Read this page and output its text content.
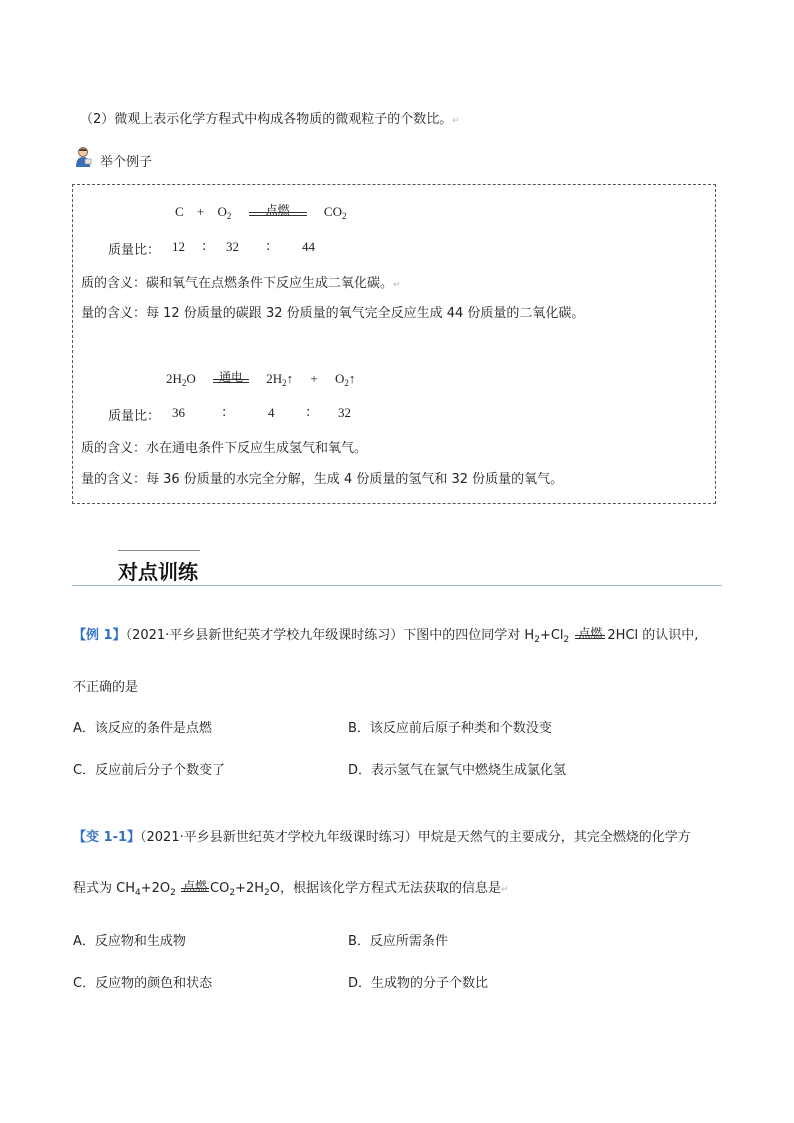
（2）微观上表示化学方程式中构成各物质的微观粒子的个数比。↵
举个例子
$C + O_2$	点燃	$CO_2$
质量比： 12 : 32 : 44
质的含义：碳和氧气在点燃条件下反应生成二氧化碳。↵
量的含义：每 12 份质量的碳跟 32 份质量的氧气完全反应生成 44 份质量的二氧化碳。
$2H_2O$	通电	$2H_2↑$ + $O_2↑$
质量比： 36	:	4 : 32
质的含义：水在通电条件下反应生成氢气和氧气。
量的含义：每 36 份质量的水完全分解，生成 4 份质量的氢气和 32 份质量的氧气。
对点训练
【例 1】（2021·平乡县新世纪英才学校九年级课时练习）下图中的四位同学对 $H_2+Cl_2$ 点燃 2HCl 的认识中,
不正确的是
A．该反应的条件是点燃	B．该反应前后原子种类和个数没变
C．反应前后分子个数变了	D．表示氢气在氯气中燃烧生成氯化氢
【变 1-1】（2021·平乡县新世纪英才学校九年级课时练习）甲烷是天然气的主要成分，其完全燃烧的化学方
程式为 $CH_4+2O_2$ 点燃 $CO_2+2H_2O$，根据该化学方程式无法获取的信息是↵
A．反应物和生成物	B．反应所需条件
C．反应物的颜色和状态	D．生成物的分子个数比
